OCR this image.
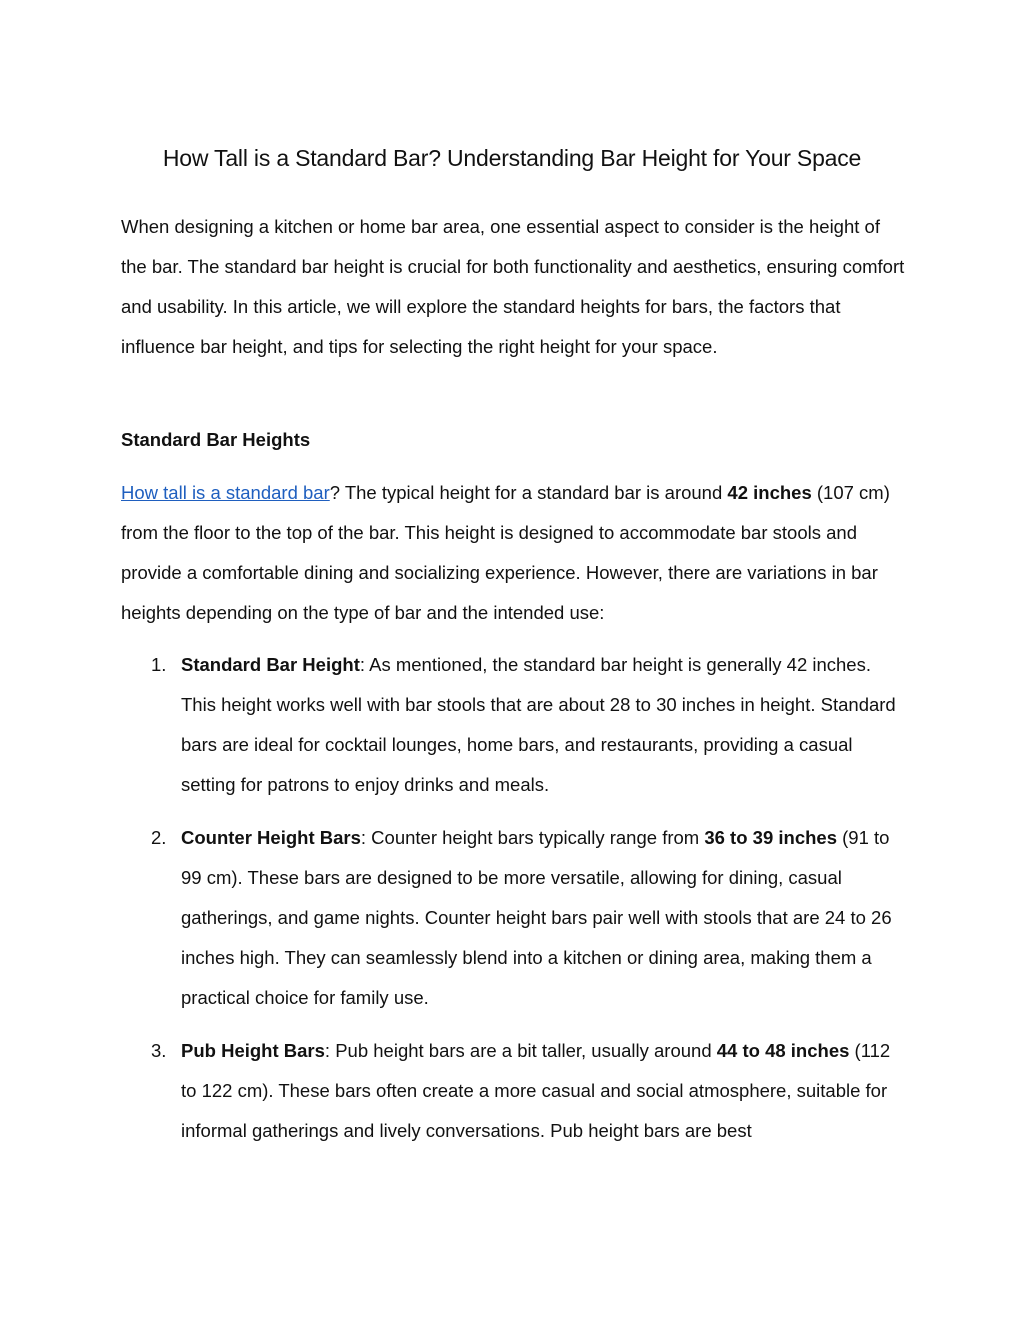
How Tall is a Standard Bar? Understanding Bar Height for Your Space

When designing a kitchen or home bar area, one essential aspect to consider is the height of the bar. The standard bar height is crucial for both functionality and aesthetics, ensuring comfort and usability. In this article, we will explore the standard heights for bars, the factors that influence bar height, and tips for selecting the right height for your space.

Standard Bar Heights

How tall is a standard bar? The typical height for a standard bar is around 42 inches (107 cm) from the floor to the top of the bar. This height is designed to accommodate bar stools and provide a comfortable dining and socializing experience. However, there are variations in bar heights depending on the type of bar and the intended use:

1. Standard Bar Height: As mentioned, the standard bar height is generally 42 inches. This height works well with bar stools that are about 28 to 30 inches in height. Standard bars are ideal for cocktail lounges, home bars, and restaurants, providing a casual setting for patrons to enjoy drinks and meals.
2. Counter Height Bars: Counter height bars typically range from 36 to 39 inches (91 to 99 cm). These bars are designed to be more versatile, allowing for dining, casual gatherings, and game nights. Counter height bars pair well with stools that are 24 to 26 inches high. They can seamlessly blend into a kitchen or dining area, making them a practical choice for family use.
3. Pub Height Bars: Pub height bars are a bit taller, usually around 44 to 48 inches (112 to 122 cm). These bars often create a more casual and social atmosphere, suitable for informal gatherings and lively conversations. Pub height bars are best
